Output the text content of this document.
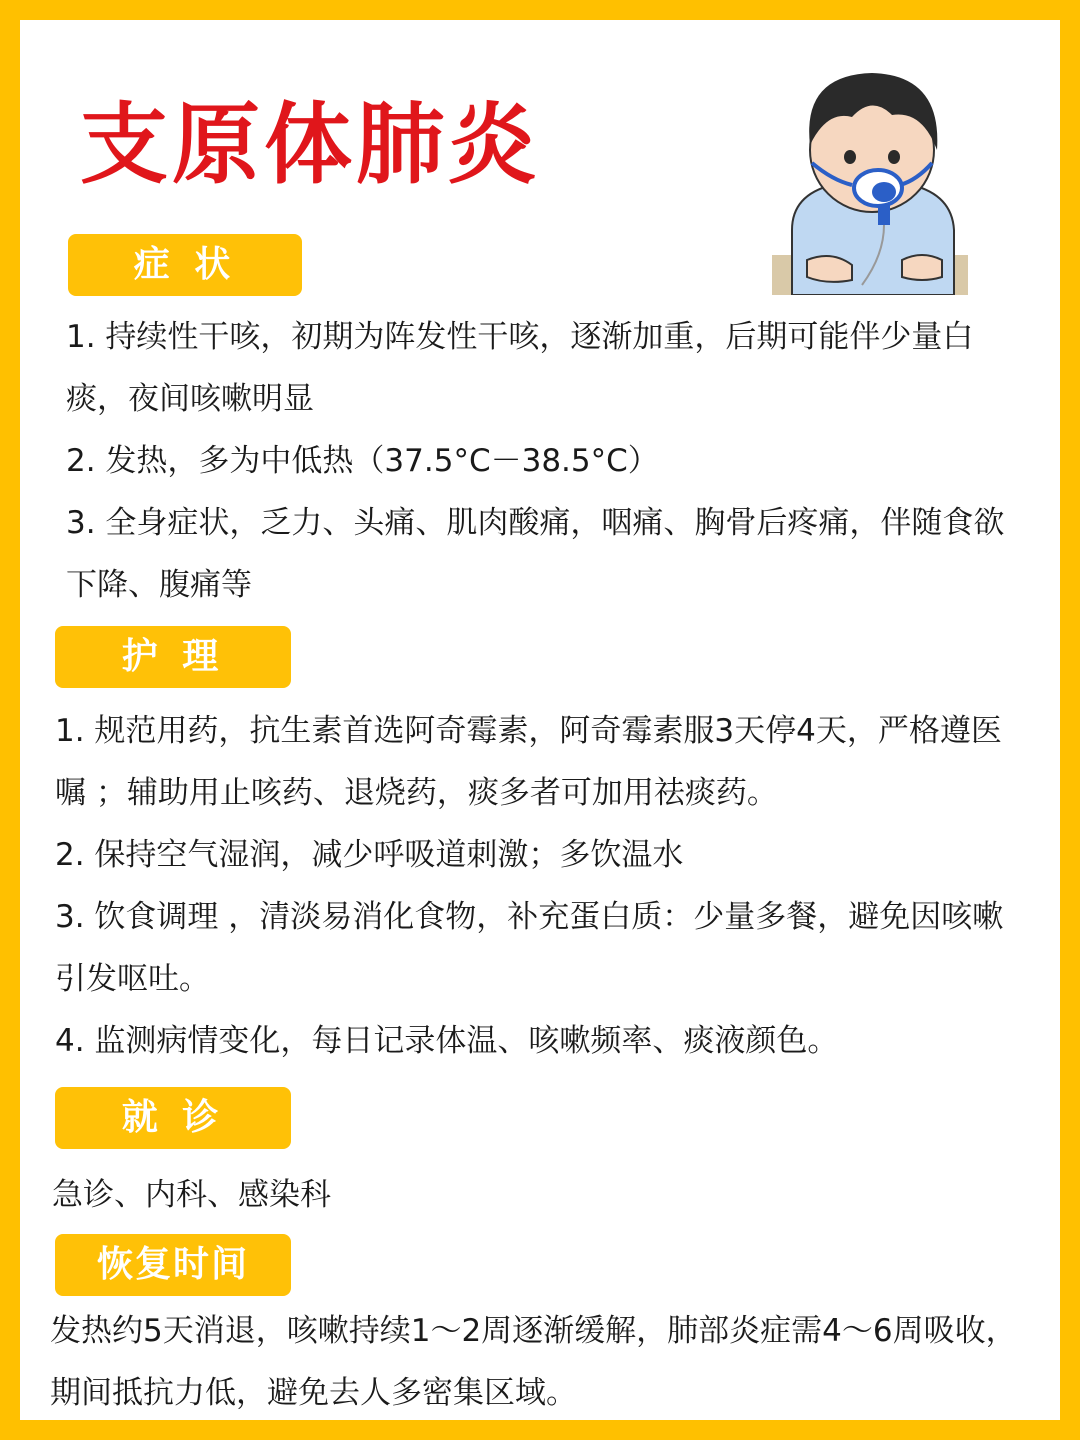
支原体肺炎
症 状

1. 持续性干咳，初期为阵发性干咳，逐渐加重，后期可能伴少量白痰，夜间咳嗽明显

2. 发热，多为中低热（37.5°C－38.5°C）

3. 全身症状，乏力、头痛、肌肉酸痛，咽痛、胸骨后疼痛，伴随食欲下降、腹痛等

护 理

1. 规范用药，抗生素首选阿奇霉素，阿奇霉素服3天停4天，严格遵医嘱 ；辅助用止咳药、退烧药，痰多者可加用祛痰药。

2. 保持空气湿润，减少呼吸道刺激；多饮温水

3. 饮食调理 ，清淡易消化食物，补充蛋白质：少量多餐，避免因咳嗽引发呕吐。

4. 监测病情变化，每日记录体温、咳嗽频率、痰液颜色。

就 诊
急诊、内科、感染科
恢复时间
发热约5天消退，咳嗽持续1～2周逐渐缓解，肺部炎症需4～6周吸收，期间抵抗力低，避免去人多密集区域。
